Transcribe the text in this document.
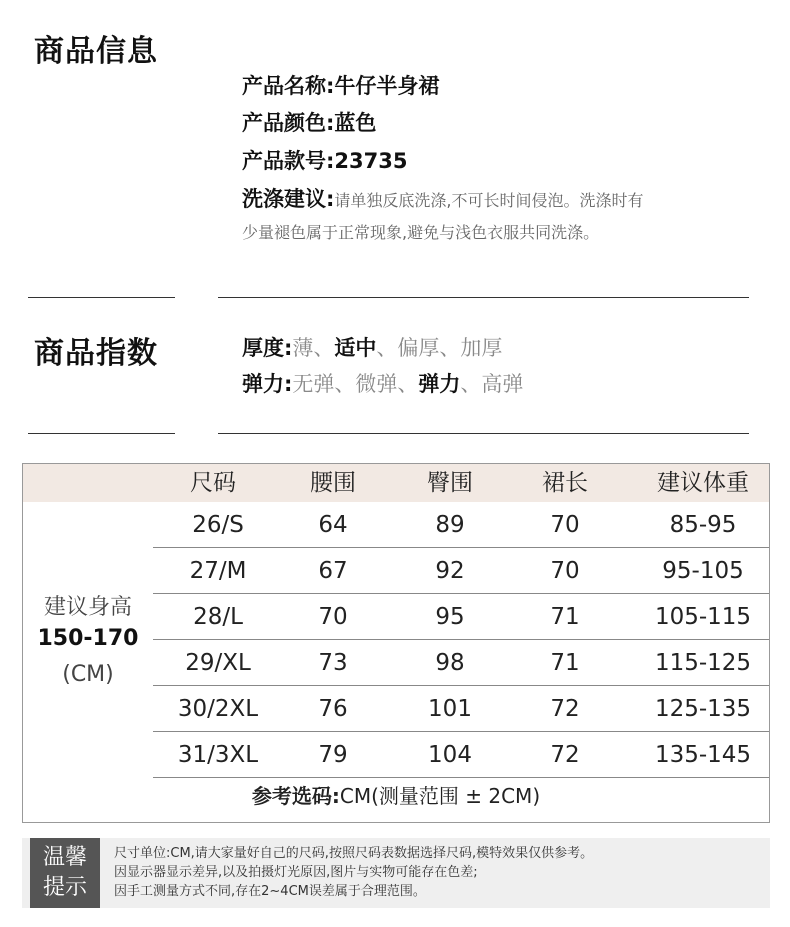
商品信息
产品名称:牛仔半身裙
产品颜色:蓝色
产品款号:23735
洗涤建议:请单独反底洗涤,不可长时间侵泡。洗涤时有
少量褪色属于正常现象,避免与浅色衣服共同洗涤。
商品指数	厚度:薄、适中、偏厚、加厚
弹力:无弹、微弹、弹力、高弹
尺码	腰围	臀围	裙长	建议体重
建议身高
150-170
(CM)
26/S	64	89	70	85-95
27/M	67	92	70	95-105
28/L	70	95	71	105-115
29/XL	73	98	71	115-125
30/2XL	76	101	72	125-135
31/3XL	79	104	72	135-145
参考选码:CM(测量范围 ± 2CM)
温馨
提示
尺寸单位:CM,请大家量好自己的尺码,按照尺码表数据选择尺码,模特效果仅供参考。
因显示器显示差异,以及拍摄灯光原因,图片与实物可能存在色差;
因手工测量方式不同,存在2~4CM误差属于合理范围。
